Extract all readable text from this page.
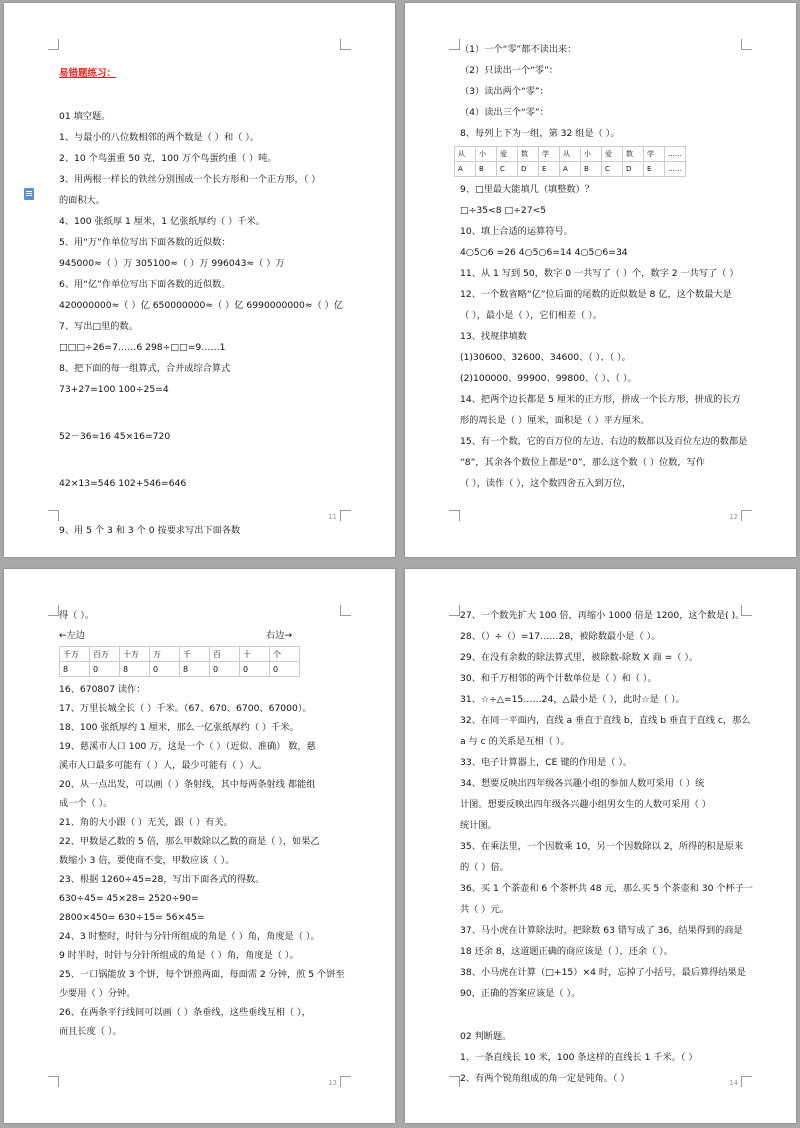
易错题练习：
01 填空题。
1、与最小的八位数相邻的两个数是（ ）和（ ）。
2、10 个鸟蛋重 50 克，100 万个鸟蛋约重（ ）吨。
3、用两根一样长的铁丝分别围成一个长方形和一个正方形，（ ）
的面积大。
4、100 张纸厚 1 厘米，1 亿张纸厚约（ ）千米。
5、用“万”作单位写出下面各数的近似数：
945000≈（ ）万 305100≈（ ）万 996043≈（ ）万
6、用“亿”作单位写出下面各数的近似数。
420000000≈（ ）亿 650000000≈（ ）亿 6990000000≈（ ）亿
7、写出□里的数。
□□□÷26=7……6 298÷□□=9……1
8、把下面的每一组算式，合并成综合算式
73+27=100 100÷25=4
52－36=16 45×16=720
42×13=546 102+546=646
9、用 5 个 3 和 3 个 0 按要求写出下面各数
11
（1）一个“零”都不读出来：
（2）只读出一个“零”：
（3）读出两个“零”：
（4）读出三个“零”：
8、每列上下为一组，第 32 组是（ ）。
从	小	爱	数	学	从	小	爱	数	学	……
A	B	C	D	E	A	B	C	D	E	……
9、□里最大能填几（填整数）？
□÷35<8 □÷27<5
10、填上合适的运算符号。
4○5○6 =26 4○5○6=14 4○5○6=34
11、从 1 写到 50，数字 0 一共写了（ ）个，数字 2 一共写了（ ）
12、一个数省略“亿”位后面的尾数的近似数是 8 亿，这个数最大是
（ ），最小是（ ），它们相差（ ）。
13、找规律填数
(1)30600、32600、34600、（ ）、（ ）。
(2)100000、99900、99800、（ ）、（ ）。
14、把两个边长都是 5 厘米的正方形，拼成一个长方形，拼成的长方
形的周长是（ ）厘米，面积是（ ）平方厘米。
15、有一个数，它的百万位的左边、右边的数都以及百位左边的数都是
“8”，其余各个数位上都是“0”，那么这个数（ ）位数，写作
（ ），读作（ ），这个数四舍五入到万位，
12
得（ ）。
←左边	右边→
千万	百万	十万	万	千	百	十	个
8	0	8	0	8	0	0	0
16、670807 读作：
17、万里长城全长（ ）千米。（67、670、6700、67000）。
18、100 张纸厚约 1 厘米，那么一亿张纸厚约（ ）千米。
19、慈溪市人口 100 万，这是一个（ ）（近似、准确） 数，慈
溪市人口最多可能有（ ）人，最少可能有（ ）人。
20、从一点出发，可以画（ ）条射线，其中每两条射线 都能组
成一个（ ）。
21、角的大小跟（ ）无关，跟（ ）有关。
22、甲数是乙数的 5 倍，那么甲数除以乙数的商是（ ），如果乙
数缩小 3 倍，要使商不变，甲数应该（ ）。
23、根据 1260÷45=28，写出下面各式的得数。
630÷45= 45×28= 2520÷90=
2800×450= 630÷15= 56×45=
24、3 时整时，时针与分针所组成的角是（ ）角，角度是（ ）。
9 时半时，时针与分针所组成的角是（ ）角，角度是（ ）。
25、一口锅能放 3 个饼，每个饼煎两面，每面需 2 分钟，煎 5 个饼至
少要用（ ）分钟。
26、在两条平行线间可以画（ ）条垂线，这些垂线互相（ ），
而且长度（ ）。
13
27、一个数先扩大 100 倍，再缩小 1000 倍是 1200，这个数是( )。
28、（）÷（）=17……28，被除数最小是（ ）。
29、在没有余数的除法算式里，被除数-除数 X 商 =（ ）。
30、和千万相邻的两个计数单位是（ ）和（ ）。
31、☆÷△=15……24，△最小是（ ），此时☆是（ ）。
32、在同一平面内，直线 a 垂直于直线 b，直线 b 垂直于直线 c，那么
a 与 c 的关系是互相（ ）。
33、电子计算器上，CE 键的作用是（ ）。
34、想要反映出四年级各兴趣小组的参加人数可采用（ ）统
计图。想要反映出四年级各兴趣小组男女生的人数可采用（ ）
统计图。
35、在乘法里，一个因数乘 10，另一个因数除以 2，所得的积是原来
的（ ）倍。
36、买 1 个茶壶和 6 个茶杯共 48 元，那么买 5 个茶壶和 30 个杯子一
共（ ）元。
37、马小虎在计算除法时，把除数 63 错写成了 36，结果得到的商是
18 还余 8，这道题正确的商应该是（ ），还余（ ）。
38、小马虎在计算（□+15）×4 时，忘掉了小括号，最后算得结果是
90，正确的答案应该是（ ）。
02 判断题。
1、一条直线长 10 米，100 条这样的直线长 1 千米。（ ）
2、有两个锐角组成的角一定是钝角。（ ）	14
